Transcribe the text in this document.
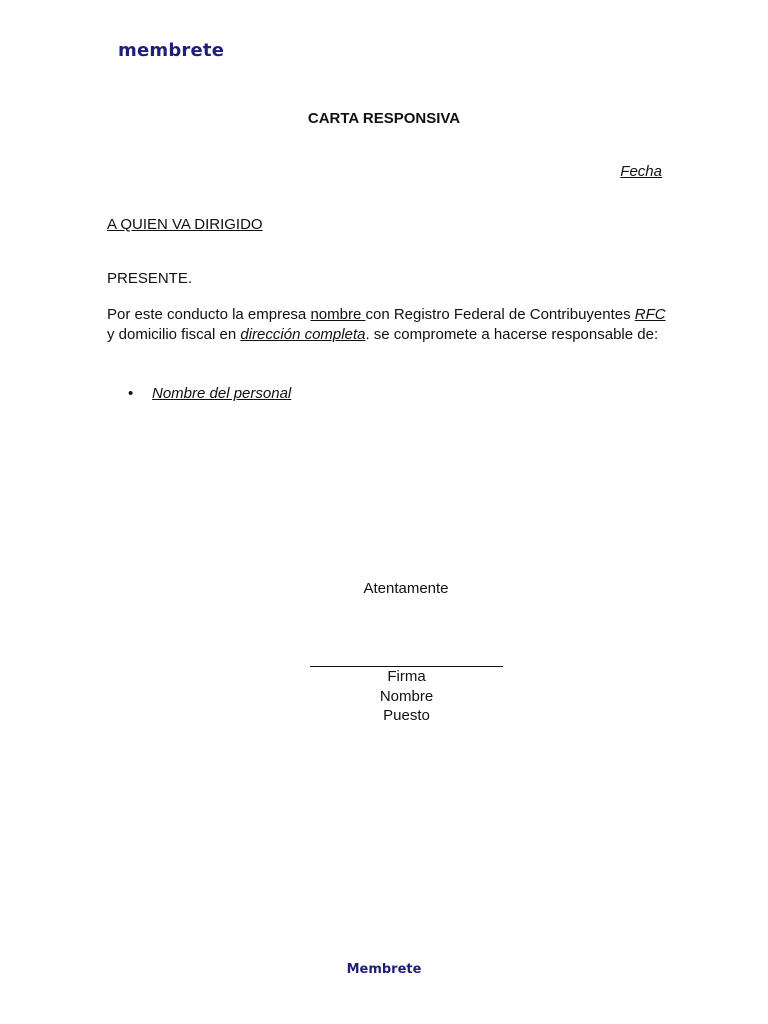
membrete
CARTA RESPONSIVA
Fecha
A QUIEN VA DIRIGIDO
PRESENTE.
Por este conducto la empresa nombre con Registro Federal de Contribuyentes RFC y domicilio fiscal en dirección completa. se compromete a hacerse responsable de:
•	Nombre del personal
Atentamente
Firma
Nombre
Puesto
Membrete
